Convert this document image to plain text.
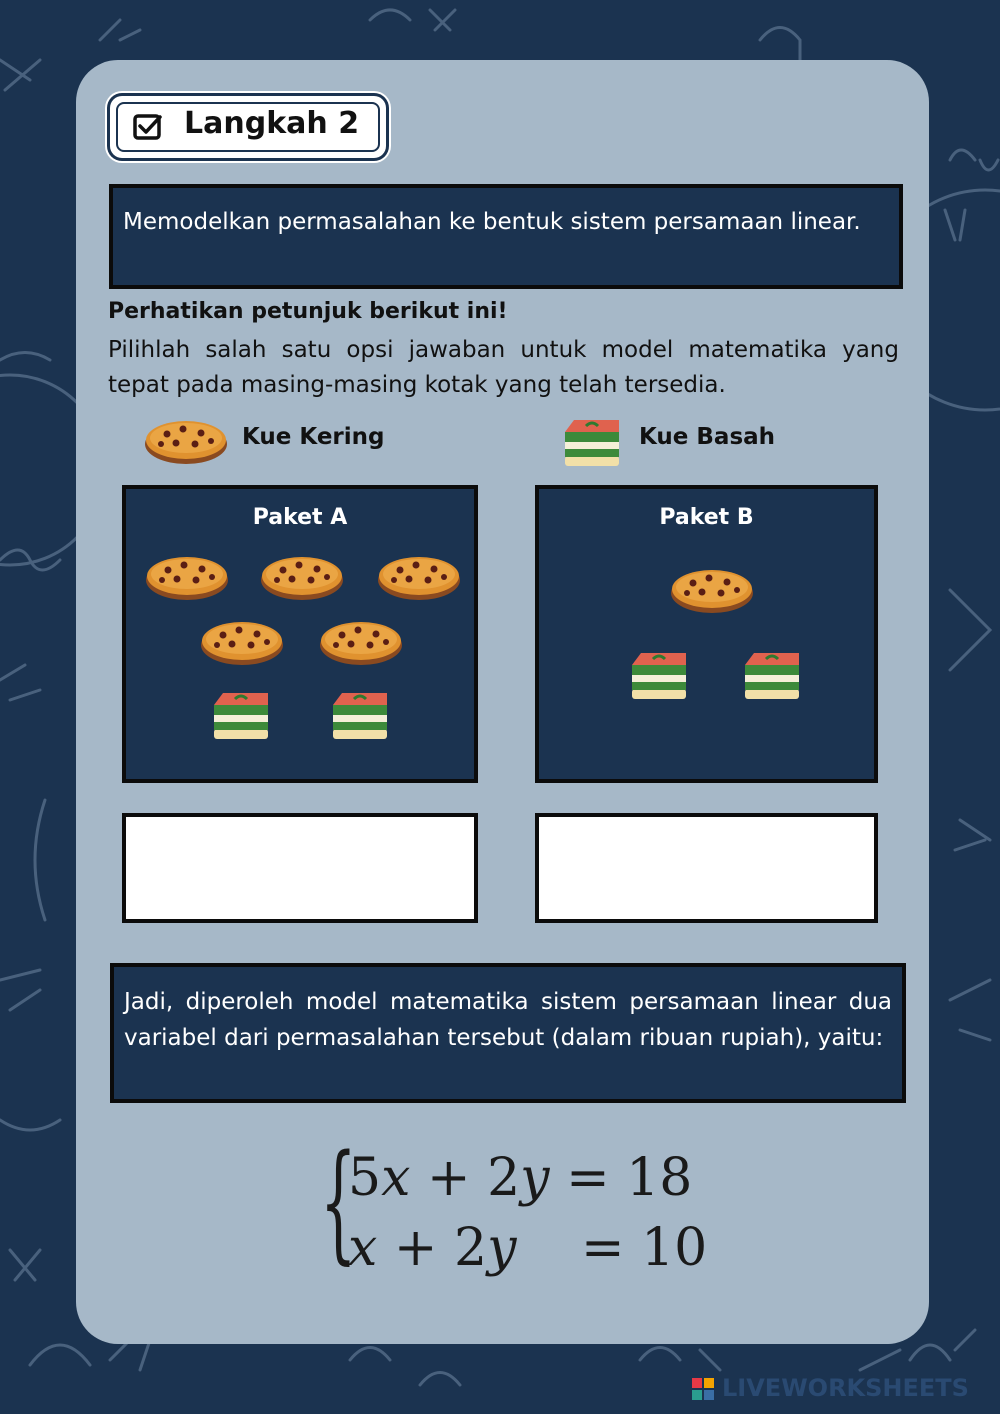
Langkah 2
Memodelkan permasalahan ke bentuk sistem persamaan linear.
Perhatikan petunjuk berikut ini!
Pilihlah salah satu opsi jawaban untuk model matematika yang tepat pada masing-masing kotak yang telah tersedia.
Kue Kering	Kue Basah
Paket A	Paket B
Jadi, diperoleh model matematika sistem persamaan linear dua variabel dari permasalahan tersebut (dalam ribuan rupiah), yaitu:
{
5x + 2y = 18
x + 2y = 10
LIVEWORKSHEETS
